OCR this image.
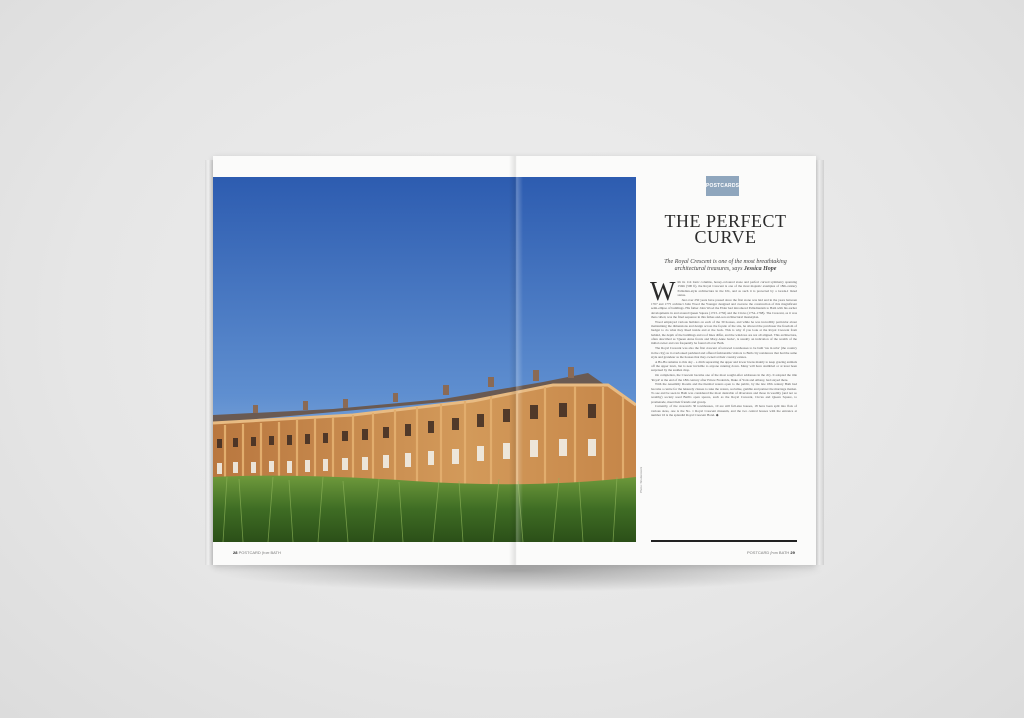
Photo: Shutterstock
POSTCARDS
THE PERFECT
CURVE
The Royal Crescent is one of the most breathtaking architectural treasures, says Jessica Hope

With its 114 Ionic columns, honey-coloured stone and perfect curved symmetry spanning 150m (500 ft), the Royal Crescent is one of the most majestic examples of 18th-century Palladian-style architecture in the UK, and as such it is protected by a Grade-I listed status.

Just over 250 years have passed since the first stone was laid and in the years between 1767 and 1775 architect John Wood the Younger designed and oversaw the construction of this magnificent semi-ellipse of buildings. His father John Wood the Elder had introduced Palladianism to Bath with his earlier developments in and around Queen Square (1723–1736) and the Circus (1754–1768). The Crescent, as it was then called, was the final sequence in this father-and-son architectural masterplan.

Wood employed various builders on each of the 30 houses, and while he was incredibly particular about maintaining the dimensions and design across the façade of the site, he allowed the purchaser the freedom of budget to do what they liked inside and at the back. This is why if you look at the Royal Crescent from behind, the depth of the buildings and roof lines differ, and the windows are not all aligned. This architecture, often described as 'Queen Anne fronts and Mary-Anne backs', is usually an indication of the wealth of the initial owner and can frequently be found all over Bath.

The Royal Crescent was also the first crescent of terraced townhouses to be built 'rus in urbe' (the country in the city) as it overlooked parkland and offered fashionable visitors to Bath city residences that had the same style and grandeur as the houses that they owned at their country estates.

A Ha-Ha remains to this day – a ditch separating the upper and lower lawns mainly to keep grazing animals off the upper lawn, but is near invisible to anyone running down. Many will have stumbled or at least been surprised by the sudden drop.

On completion, the Crescent became one of the most sought-after addresses in the city. It adopted the title 'Royal' at the end of the 18th century after Prince Frederick, Duke of York and Albany, had stayed there.

With the Assembly Rooms and the thermal waters open to the public, by the late 18th century Bath had become a centre for the leisurely classes to take the waters, socialise, gamble and partner the marriage market. To see and be seen in Bath was considered the most desirable of diversions and those in wealthy (and not so wealthy) society used Bath's open spaces, such as the Royal Crescent, Circus and Queen Square, to promenade, meet their friends and gossip.

Currently, of the crescent's 30 townhouses, 10 are still full-size houses, 18 have been split into flats of various sizes, one is the No. 1 Royal Crescent museum, and the two central houses with the entrance at number 16 is the splendid Royal Crescent Hotel. ◆

28 POSTCARD from BATH	POSTCARD from BATH 29
